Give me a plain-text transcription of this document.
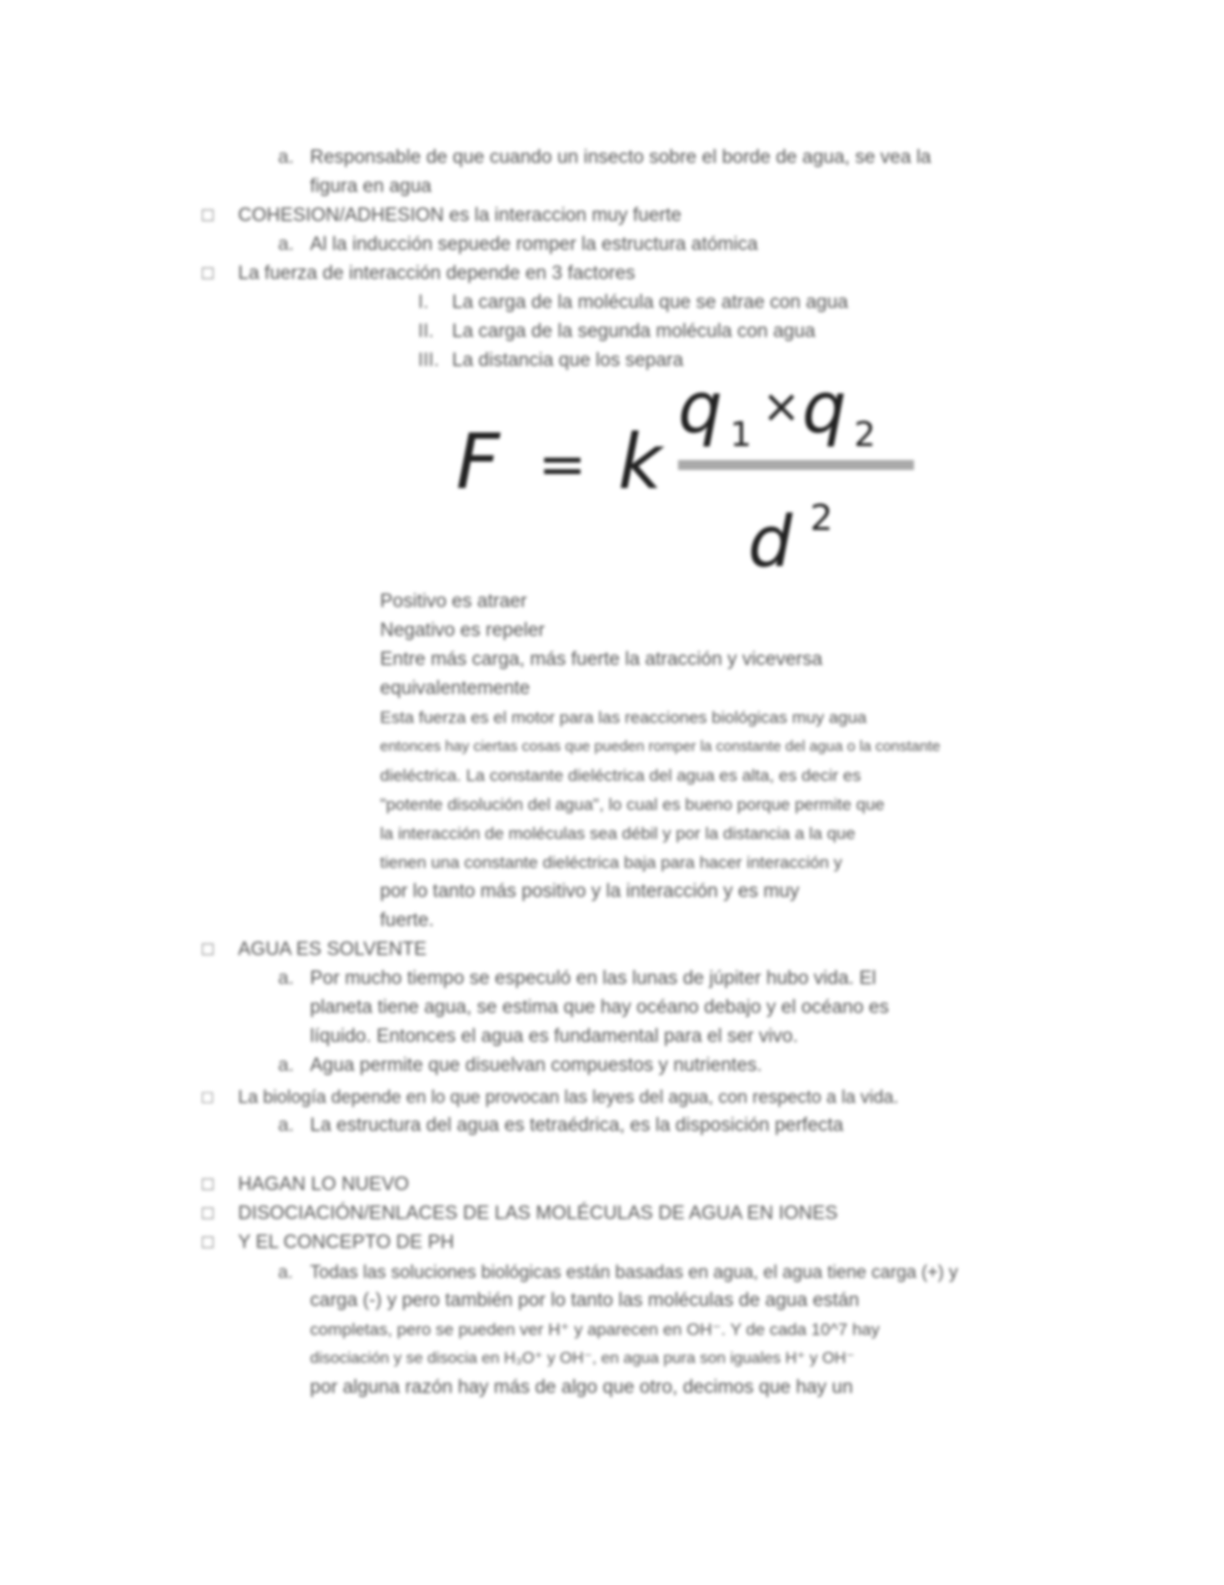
a. Responsable de que cuando un insecto sobre el borde de agua, se vea la
figura en agua
□ COHESION/ADHESION es la interaccion muy fuerte
a. Al la inducción sepuede romper la estructura atómica
□ La fuerza de interacción depende en 3 factores
I. La carga de la molécula que se atrae con agua
II. La carga de la segunda molécula con agua
III. La distancia que los separa
F = k
q 1
× q 2
d 2
Positivo es atraer
Negativo es repeler
Entre más carga, más fuerte la atracción y viceversa
equivalentemente
Esta fuerza es el motor para las reacciones biológicas muy agua
entonces hay ciertas cosas que pueden romper la constante del agua o la constante
dieléctrica. La constante dieléctrica del agua es alta, es decir es
"potente disolución del agua", lo cual es bueno porque permite que
la interacción de moléculas sea débil y por la distancia a la que
tienen una constante dieléctrica baja para hacer interacción y
por lo tanto más positivo y la interacción y es muy
fuerte.
□ AGUA ES SOLVENTE
a. Por mucho tiempo se especuló en las lunas de júpiter hubo vida. El
planeta tiene agua, se estima que hay océano debajo y el océano es
líquido. Entonces el agua es fundamental para el ser vivo.
a. Agua permite que disuelvan compuestos y nutrientes.
□ La biología depende en lo que provocan las leyes del agua, con respecto a la vida.
a. La estructura del agua es tetraédrica, es la disposición perfecta
□ HAGAN LO NUEVO
□ DISOCIACIÓN/ENLACES DE LAS MOLÉCULAS DE AGUA EN IONES
□ Y EL CONCEPTO DE PH
a. Todas las soluciones biológicas están basadas en agua, el agua tiene carga (+) y
carga (-) y pero también por lo tanto las moléculas de agua están
completas, pero se pueden ver H⁺ y aparecen en OH⁻. Y de cada 10^7 hay
disociación y se disocia en H₃O⁺ y OH⁻, en agua pura son iguales H⁺ y OH⁻
por alguna razón hay más de algo que otro, decimos que hay un
